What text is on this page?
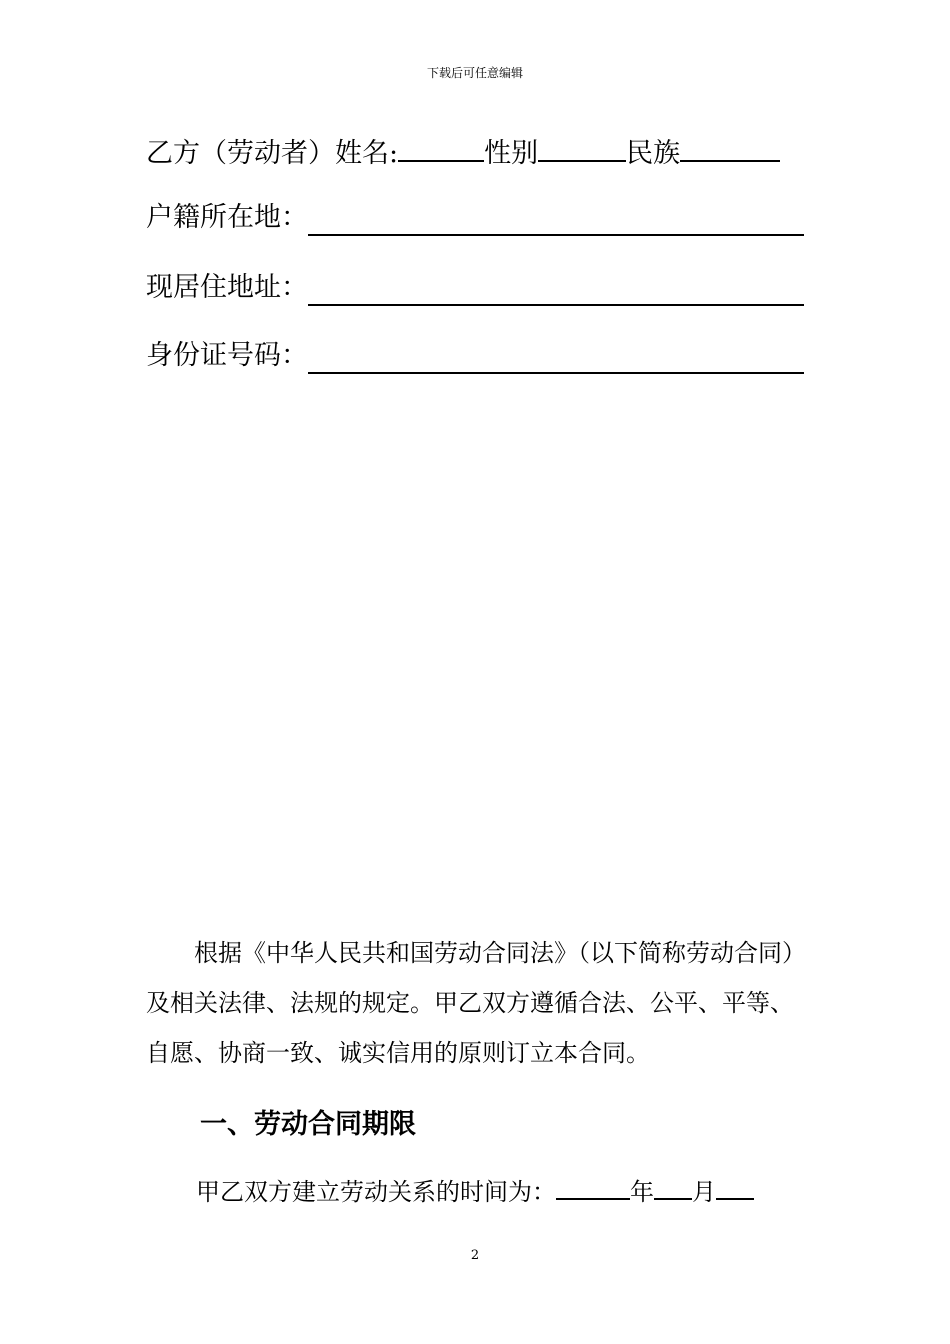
下载后可任意编辑
乙方（劳动者）姓名:	性别	民族
户籍所在地：
现居住地址：
身份证号码：
根据《中华人民共和国劳动合同法》（以下简称劳动合同）及相关法律、法规的规定。甲乙双方遵循合法、公平、平等、自愿、协商一致、诚实信用的原则订立本合同。
一、劳动合同期限
甲乙双方建立劳动关系的时间为：	年 月
2
